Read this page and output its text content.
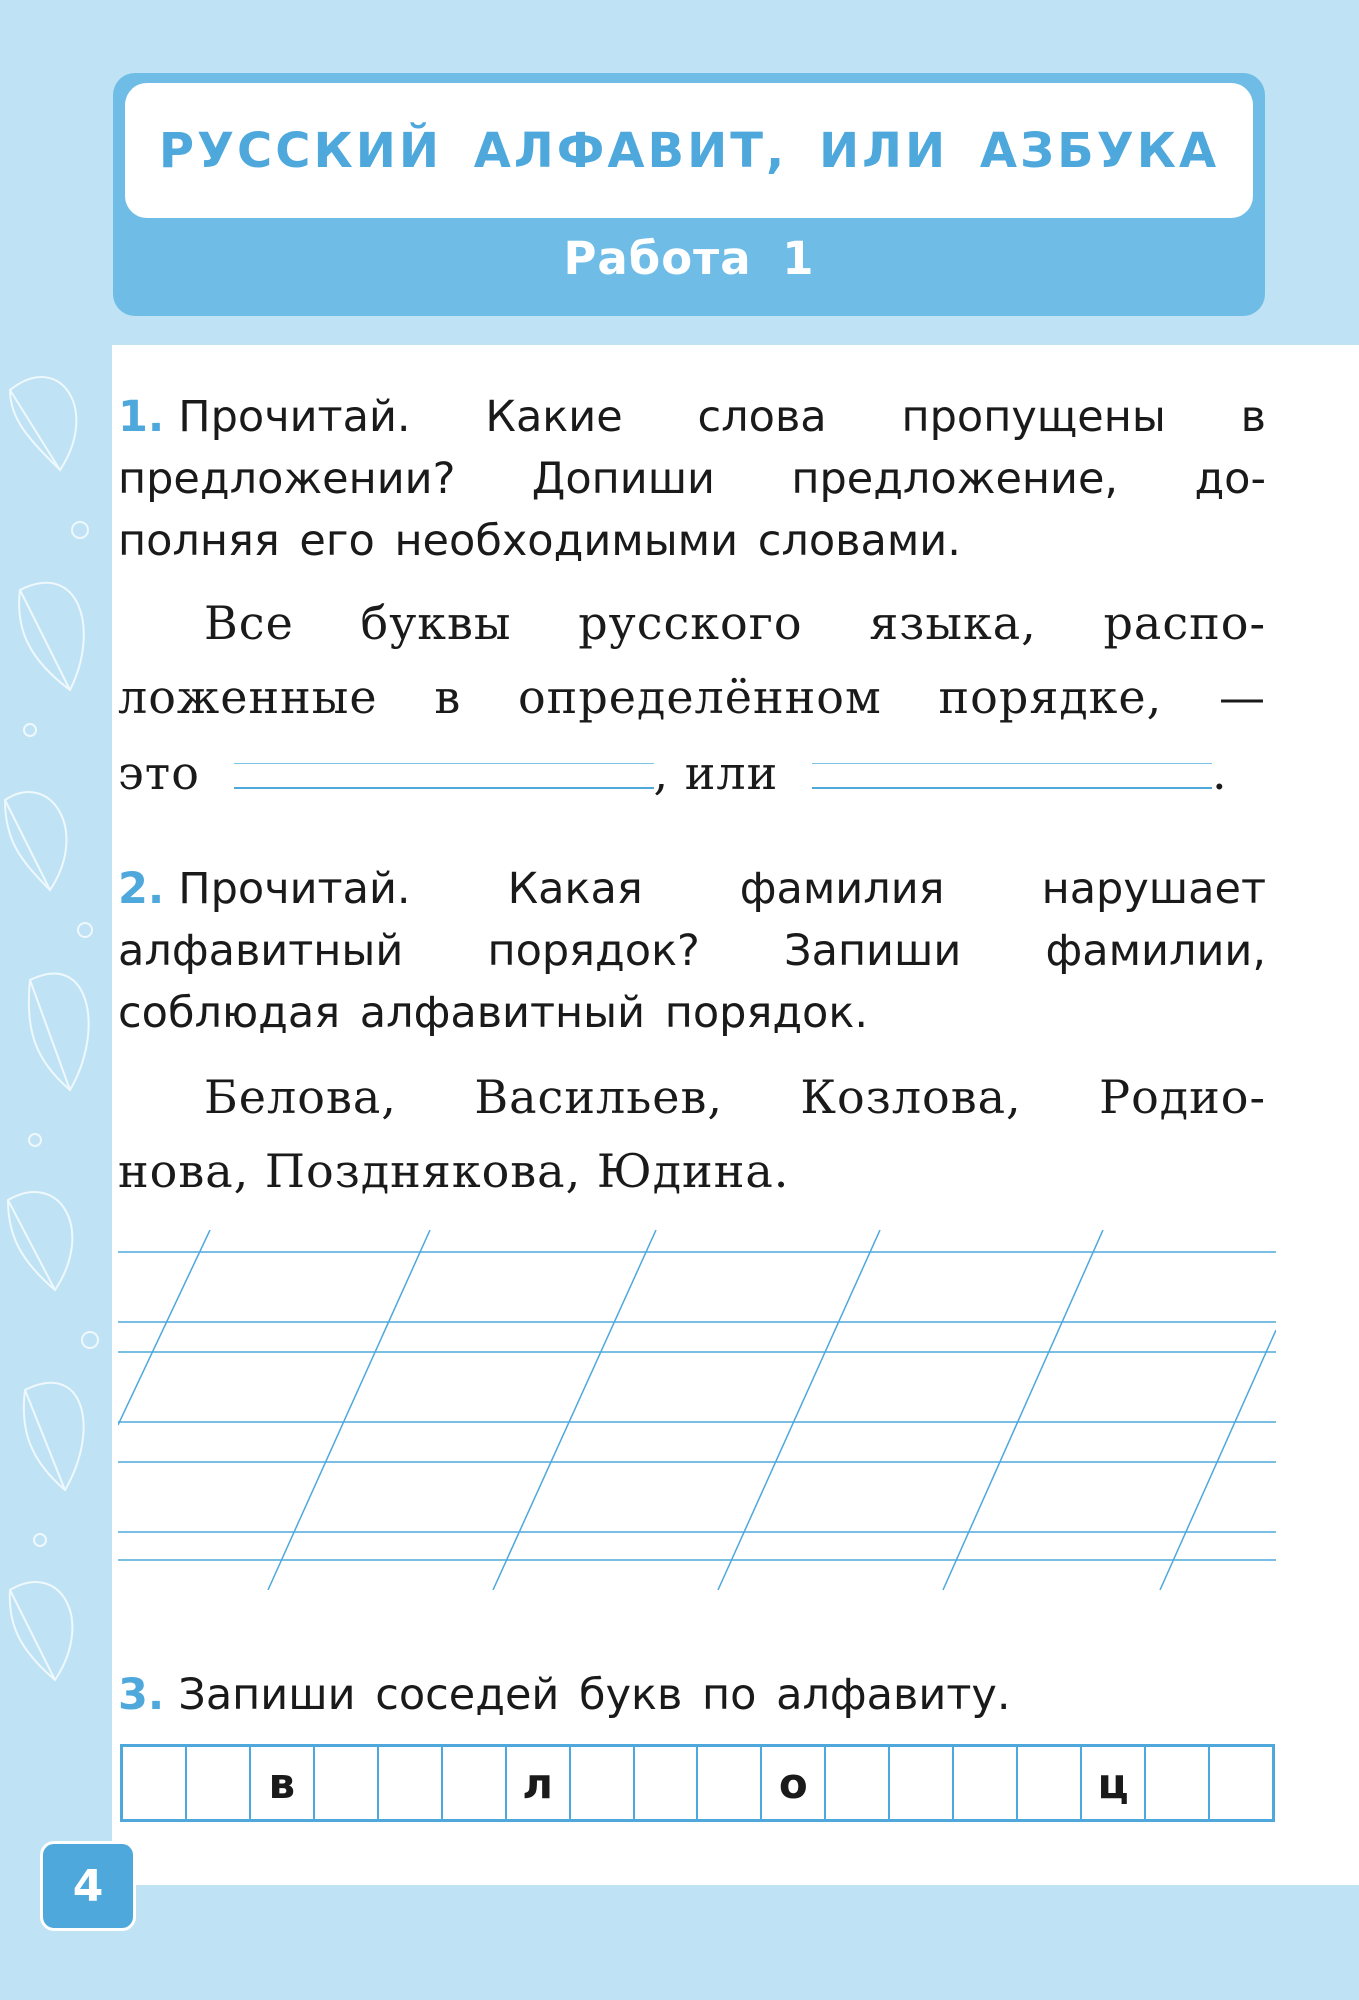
РУССКИЙ АЛФАВИТ, ИЛИ АЗБУКА
Работа 1
1. Прочитай. Какие слова пропущены в
предложении? Допиши предложение, до-
полняя его необходимыми словами.
Все буквы русского языка, распо-
ложенные в определённом порядке, —
это	, или	.
2. Прочитай. Какая фамилия нарушает
алфавитный порядок? Запиши фамилии,
соблюдая алфавитный порядок.
Белова, Васильев, Козлова, Родио-
нова, Позднякова, Юдина.
3. Запиши соседей букв по алфавиту.
в	л	о	ц
4
